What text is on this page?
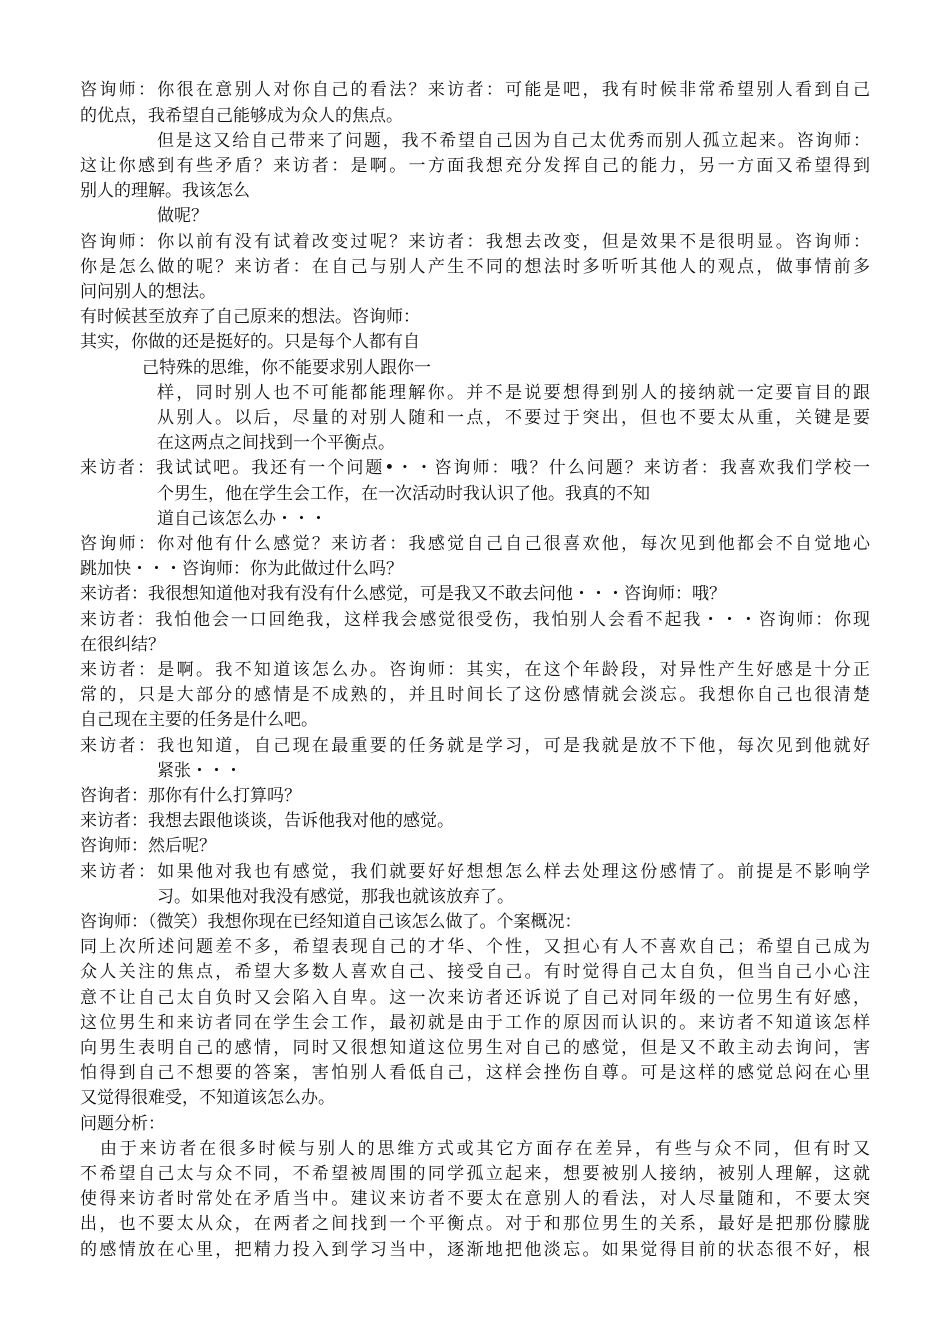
咨询师：你很在意别人对你自己的看法？来访者：可能是吧，我有时候非常希望别人看到自己
的优点，我希望自己能够成为众人的焦点。
但是这又给自己带来了问题，我不希望自己因为自己太优秀而别人孤立起来。咨询师：
这让你感到有些矛盾？来访者：是啊。一方面我想充分发挥自己的能力，另一方面又希望得到
别人的理解。我该怎么
做呢？
咨询师：你以前有没有试着改变过呢？来访者：我想去改变，但是效果不是很明显。咨询师：
你是怎么做的呢？来访者：在自己与别人产生不同的想法时多听听其他人的观点，做事情前多
问问别人的想法。
有时候甚至放弃了自己原来的想法。咨询师：
其实，你做的还是挺好的。只是每个人都有自
己特殊的思维，你不能要求别人跟你一
样，同时别人也不可能都能理解你。并不是说要想得到别人的接纳就一定要盲目的跟
从别人。以后，尽量的对别人随和一点，不要过于突出，但也不要太从重，关键是要
在这两点之间找到一个平衡点。
来访者：我试试吧。我还有一个问题•・・咨询师：哦？什么问题？来访者：我喜欢我们学校一
个男生，他在学生会工作，在一次活动时我认识了他。我真的不知
道自己该怎么办・・・
咨询师：你对他有什么感觉？来访者：我感觉自己自己很喜欢他，每次见到他都会不自觉地心
跳加快・・・咨询师：你为此做过什么吗？
来访者：我很想知道他对我有没有什么感觉，可是我又不敢去问他・・・咨询师：哦？
来访者：我怕他会一口回绝我，这样我会感觉很受伤，我怕别人会看不起我・・・咨询师：你现
在很纠结？
来访者：是啊。我不知道该怎么办。咨询师：其实，在这个年龄段，对异性产生好感是十分正
常的，只是大部分的感情是不成熟的，并且时间长了这份感情就会淡忘。我想你自己也很清楚
自己现在主要的任务是什么吧。
来访者：我也知道，自己现在最重要的任务就是学习，可是我就是放不下他，每次见到他就好
紧张・・・
咨询者：那你有什么打算吗？
来访者：我想去跟他谈谈，告诉他我对他的感觉。
咨询师：然后呢？
来访者：如果他对我也有感觉，我们就要好好想想怎么样去处理这份感情了。前提是不影响学
习。如果他对我没有感觉，那我也就该放弃了。
咨询师：（微笑）我想你现在已经知道自己该怎么做了。个案概况：
同上次所述问题差不多，希望表现自己的才华、个性，又担心有人不喜欢自己；希望自己成为
众人关注的焦点，希望大多数人喜欢自己、接受自己。有时觉得自己太自负，但当自己小心注
意不让自己太自负时又会陷入自卑。这一次来访者还诉说了自己对同年级的一位男生有好感，
这位男生和来访者同在学生会工作，最初就是由于工作的原因而认识的。来访者不知道该怎样
向男生表明自己的感情，同时又很想知道这位男生对自己的感觉，但是又不敢主动去询问，害
怕得到自己不想要的答案，害怕别人看低自己，这样会挫伤自尊。可是这样的感觉总闷在心里
又觉得很难受，不知道该怎么办。
问题分析：
由于来访者在很多时候与别人的思维方式或其它方面存在差异，有些与众不同，但有时又
不希望自己太与众不同，不希望被周围的同学孤立起来，想要被别人接纳，被别人理解，这就
使得来访者时常处在矛盾当中。建议来访者不要太在意别人的看法，对人尽量随和，不要太突
出，也不要太从众，在两者之间找到一个平衡点。对于和那位男生的关系，最好是把那份朦胧
的感情放在心里，把精力投入到学习当中，逐渐地把他淡忘。如果觉得目前的状态很不好，根
